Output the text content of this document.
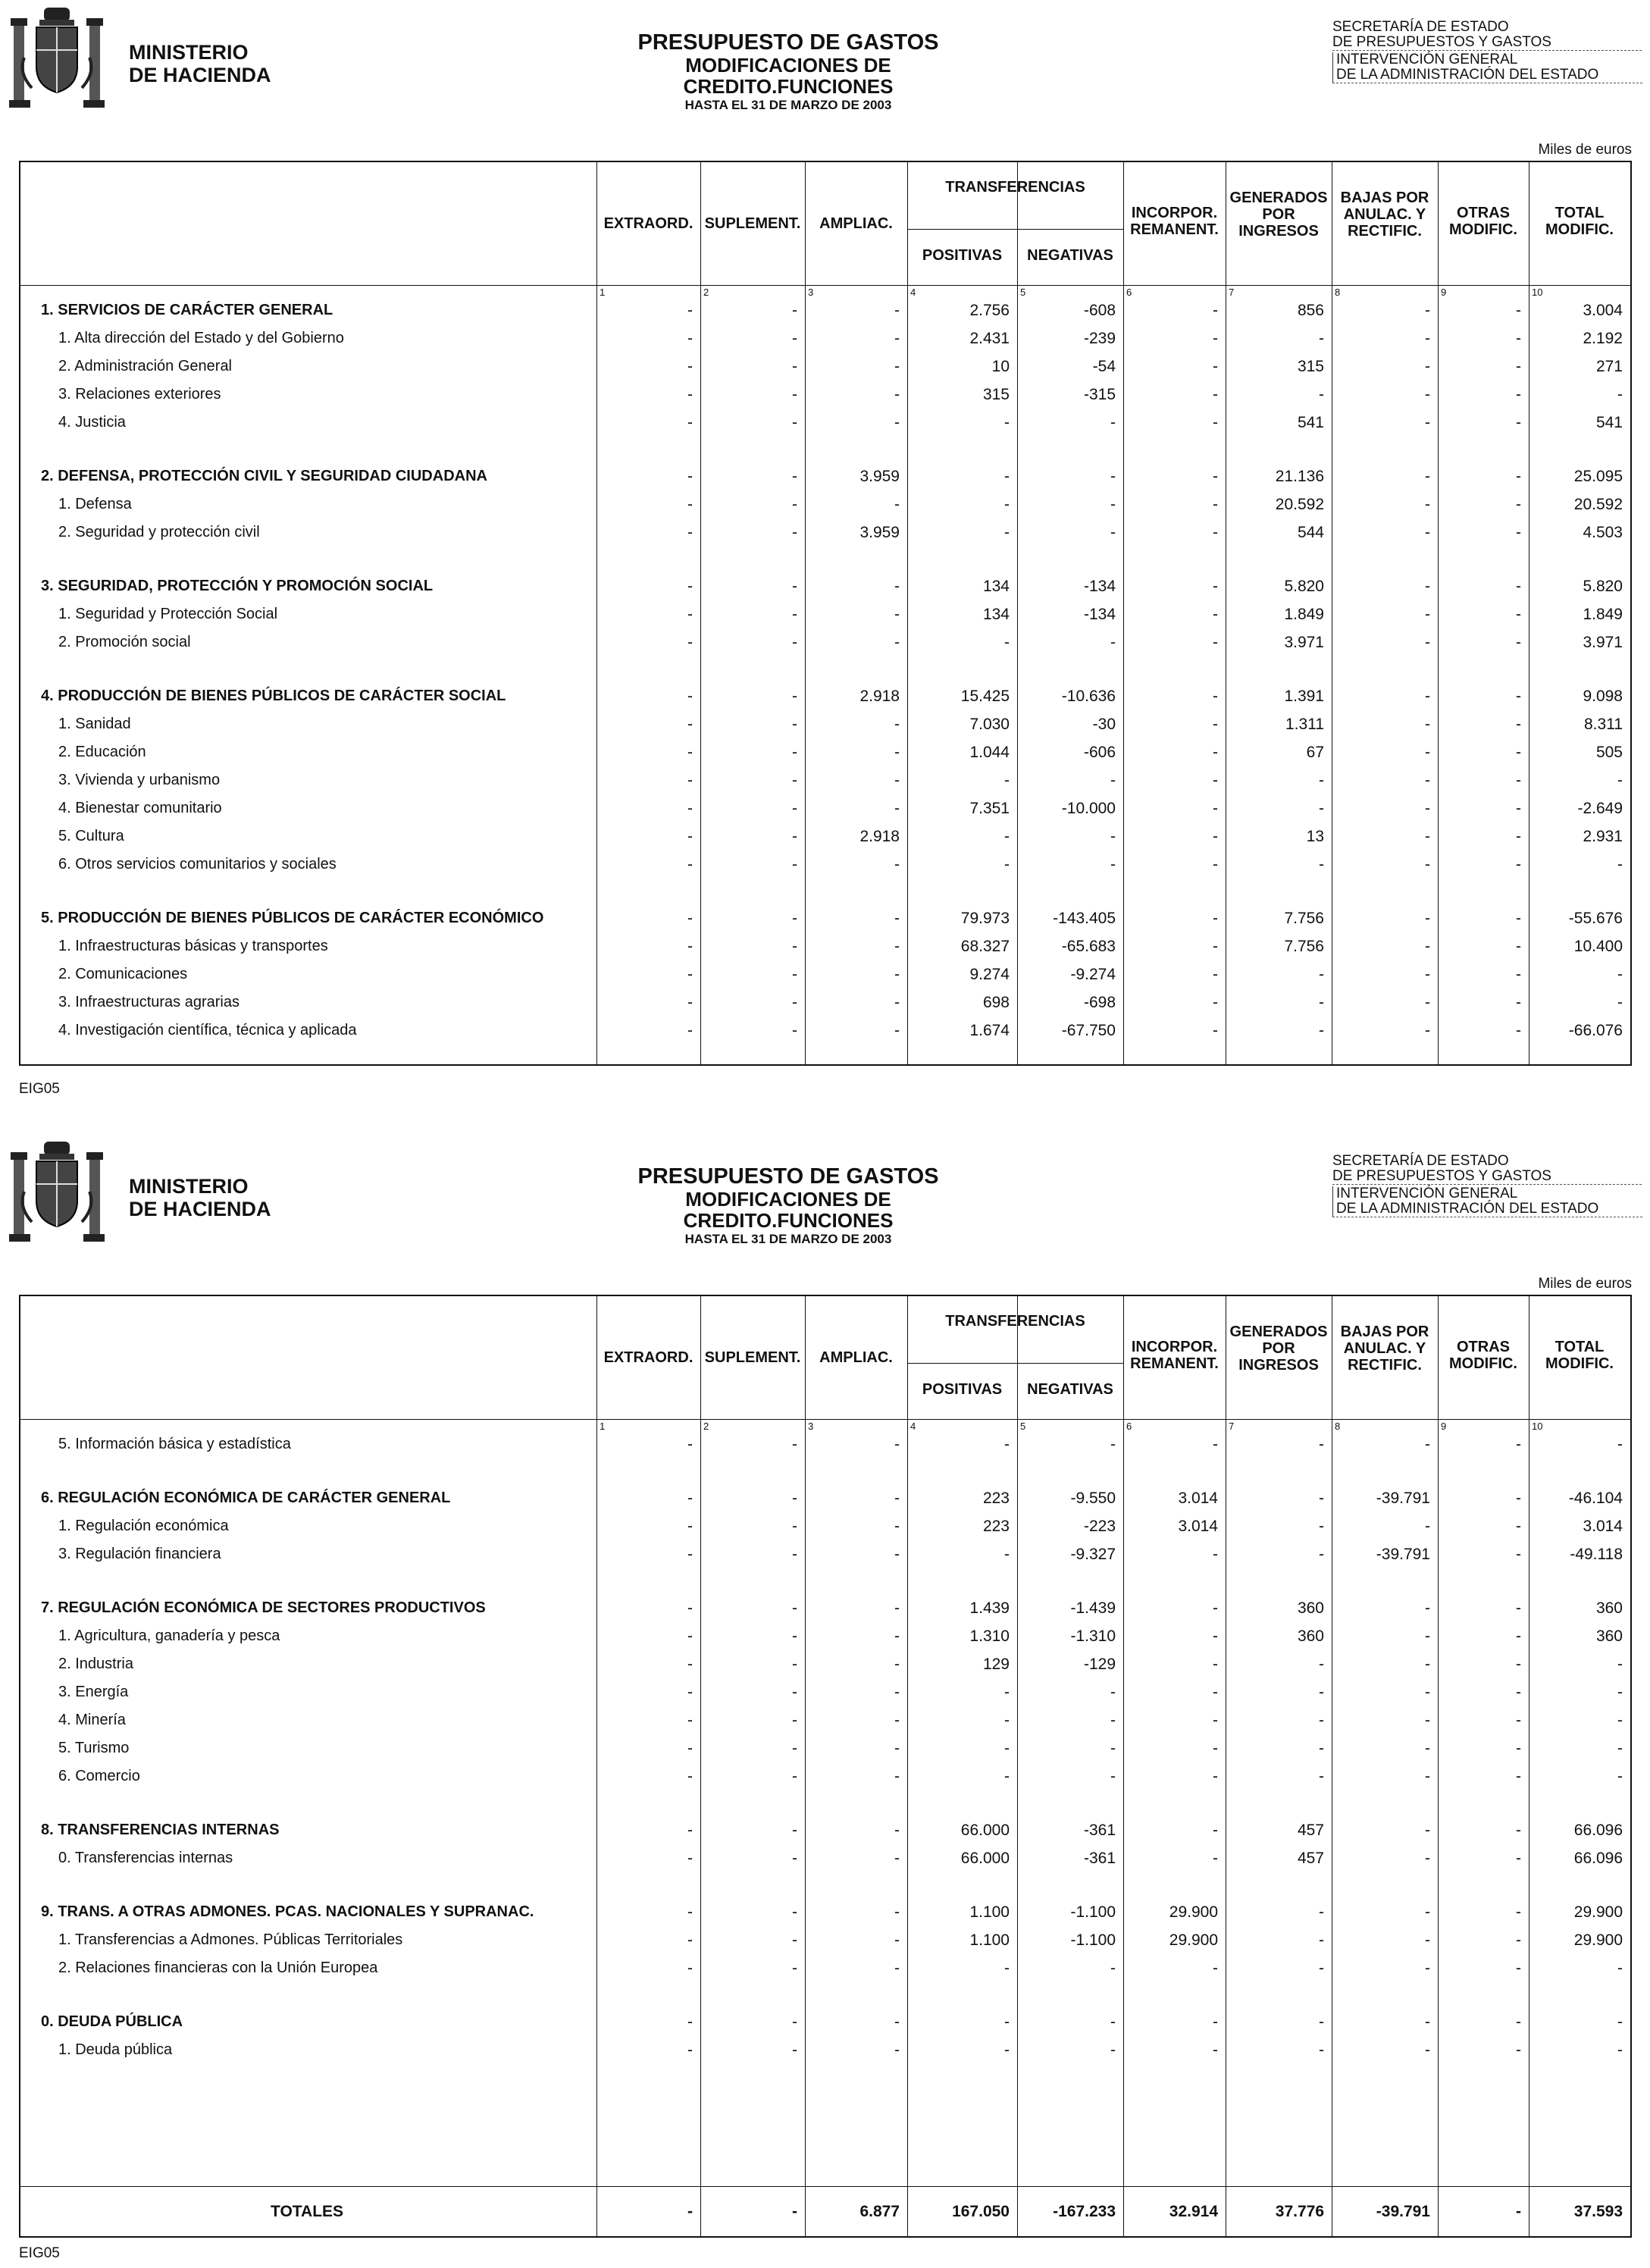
MINISTERIO
DE HACIENDA
PRESUPUESTO DE GASTOS
MODIFICACIONES DE CREDITO.FUNCIONES
HASTA EL 31 DE MARZO DE 2003
SECRETARÍA DE ESTADO
DE PRESUPUESTOS Y GASTOS
INTERVENCIÓN GENERAL
DE LA ADMINISTRACIÓN DEL ESTADO
Miles de euros
EXTRAORD. SUPLEMENT.	AMPLIAC.
TRANSFERENCIAS
POSITIVAS	NEGATIVAS
INCORPOR.
REMANENT.
GENERADOS
POR
INGRESOS
BAJAS POR
ANULAC. Y
RECTIFIC.
OTRAS
MODIFIC.
TOTAL
MODIFIC.
1	2	3	4	5	6	7	8	9	10
1. SERVICIOS DE CARÁCTER GENERAL	-	-	-	2.756	-608	-	856	-	-	3.004
1. Alta dirección del Estado y del Gobierno	-	-	-	2.431	-239	-	-	-	-	2.192
2. Administración General	-	-	-	10	-54	-	315	-	-	271
3. Relaciones exteriores	-	-	-	315	-315	-	-	-	-	-
4. Justicia	-	-	-	-	-	-	541	-	-	541
2. DEFENSA, PROTECCIÓN CIVIL Y SEGURIDAD CIUDADANA	-	-	3.959	-	-	-	21.136	-	-	25.095
1. Defensa	-	-	-	-	-	-	20.592	-	-	20.592
2. Seguridad y protección civil	-	-	3.959	-	-	-	544	-	-	4.503
3. SEGURIDAD, PROTECCIÓN Y PROMOCIÓN SOCIAL	-	-	-	134	-134	-	5.820	-	-	5.820
1. Seguridad y Protección Social	-	-	-	134	-134	-	1.849	-	-	1.849
2. Promoción social	-	-	-	-	-	-	3.971	-	-	3.971
4. PRODUCCIÓN DE BIENES PÚBLICOS DE CARÁCTER SOCIAL	-	-	2.918	15.425	-10.636	-	1.391	-	-	9.098
1. Sanidad	-	-	-	7.030	-30	-	1.311	-	-	8.311
2. Educación	-	-	-	1.044	-606	-	67	-	-	505
3. Vivienda y urbanismo	-	-	-	-	-	-	-	-	-	-
4. Bienestar comunitario	-	-	-	7.351	-10.000	-	-	-	-	-2.649
5. Cultura	-	-	2.918	-	-	-	13	-	-	2.931
6. Otros servicios comunitarios y sociales	-	-	-	-	-	-	-	-	-	-
5. PRODUCCIÓN DE BIENES PÚBLICOS DE CARÁCTER ECONÓMICO	-	-	-	79.973	-143.405	-	7.756	-	-	-55.676
1. Infraestructuras básicas y transportes	-	-	-	68.327	-65.683	-	7.756	-	-	10.400
2. Comunicaciones	-	-	-	9.274	-9.274	-	-	-	-	-
3. Infraestructuras agrarias	-	-	-	698	-698	-	-	-	-	-
4. Investigación científica, técnica y aplicada	-	-	-	1.674	-67.750	-	-	-	-	-66.076
EIG05
MINISTERIO
DE HACIENDA
PRESUPUESTO DE GASTOS
MODIFICACIONES DE CREDITO.FUNCIONES
HASTA EL 31 DE MARZO DE 2003
SECRETARÍA DE ESTADO
DE PRESUPUESTOS Y GASTOS
INTERVENCIÓN GENERAL
DE LA ADMINISTRACIÓN DEL ESTADO
Miles de euros
EXTRAORD. SUPLEMENT.	AMPLIAC.
TRANSFERENCIAS
POSITIVAS	NEGATIVAS
INCORPOR.
REMANENT.
GENERADOS
POR
INGRESOS
BAJAS POR
ANULAC. Y
RECTIFIC.
OTRAS
MODIFIC.
TOTAL
MODIFIC.
1	2	3	4	5	6	7	8	9	10
5. Información básica y estadística	-	-	-	-	-	-	-	-	-	-
6. REGULACIÓN ECONÓMICA DE CARÁCTER GENERAL	-	-	-	223	-9.550	3.014	-	-39.791	-	-46.104
1. Regulación económica	-	-	-	223	-223	3.014	-	-	-	3.014
3. Regulación financiera	-	-	-	-	-9.327	-	-	-39.791	-	-49.118
7. REGULACIÓN ECONÓMICA DE SECTORES PRODUCTIVOS	-	-	-	1.439	-1.439	-	360	-	-	360
1. Agricultura, ganadería y pesca	-	-	-	1.310	-1.310	-	360	-	-	360
2. Industria	-	-	-	129	-129	-	-	-	-	-
3. Energía	-	-	-	-	-	-	-	-	-	-
4. Minería	-	-	-	-	-	-	-	-	-	-
5. Turismo	-	-	-	-	-	-	-	-	-	-
6. Comercio	-	-	-	-	-	-	-	-	-	-
8. TRANSFERENCIAS INTERNAS	-	-	-	66.000	-361	-	457	-	-	66.096
0. Transferencias internas	-	-	-	66.000	-361	-	457	-	-	66.096
9. TRANS. A OTRAS ADMONES. PCAS. NACIONALES Y SUPRANAC.	-	-	-	1.100	-1.100	29.900	-	-	-	29.900
1. Transferencias a Admones. Públicas Territoriales	-	-	-	1.100	-1.100	29.900	-	-	-	29.900
2. Relaciones financieras con la Unión Europea	-	-	-	-	-	-	-	-	-	-
0. DEUDA PÚBLICA	-	-	-	-	-	-	-	-	-	-
1. Deuda pública	-	-	-	-	-	-	-	-	-	-
TOTALES	-	-	6.877	167.050	-167.233	32.914	37.776	-39.791	-	37.593
EIG05
